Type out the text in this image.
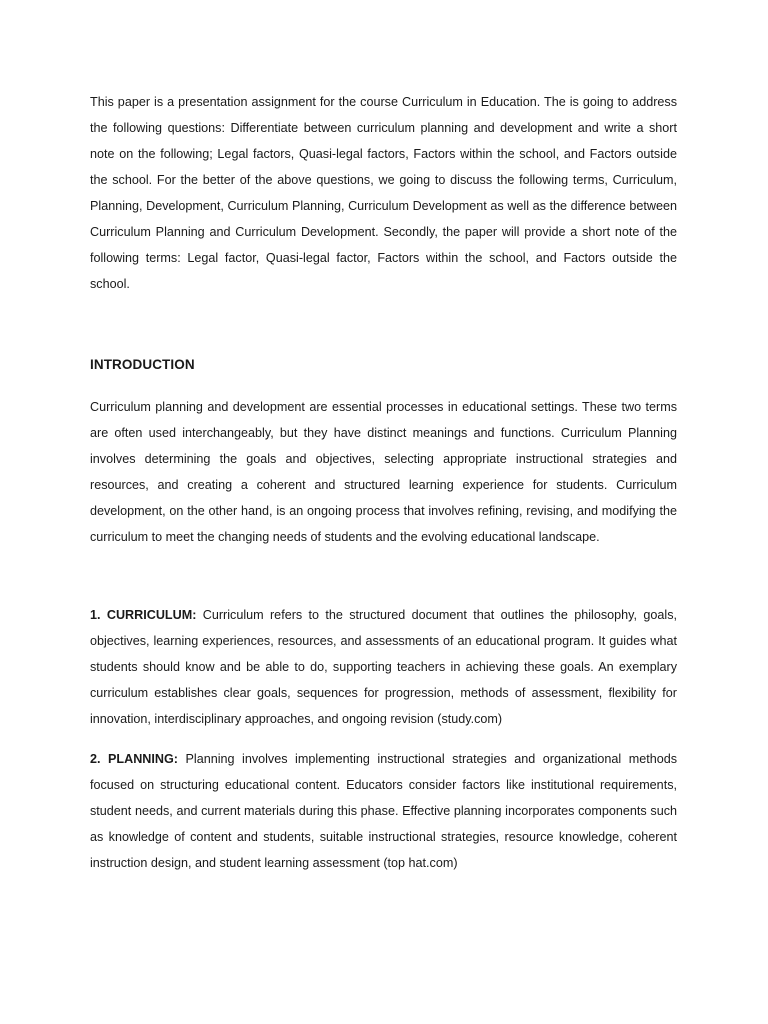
This paper is a presentation assignment for the course Curriculum in Education. The is going to address the following questions: Differentiate between curriculum planning and development and write a short note on the following; Legal factors, Quasi-legal factors, Factors within the school, and Factors outside the school. For the better of the above questions, we going to discuss the following terms, Curriculum, Planning, Development, Curriculum Planning, Curriculum Development as well as the difference between Curriculum Planning and Curriculum Development. Secondly, the paper will provide a short note of the following terms: Legal factor, Quasi-legal factor, Factors within the school, and Factors outside the school.

INTRODUCTION

Curriculum planning and development are essential processes in educational settings. These two terms are often used interchangeably, but they have distinct meanings and functions. Curriculum Planning involves determining the goals and objectives, selecting appropriate instructional strategies and resources, and creating a coherent and structured learning experience for students. Curriculum development, on the other hand, is an ongoing process that involves refining, revising, and modifying the curriculum to meet the changing needs of students and the evolving educational landscape.

1. CURRICULUM: Curriculum refers to the structured document that outlines the philosophy, goals, objectives, learning experiences, resources, and assessments of an educational program. It guides what students should know and be able to do, supporting teachers in achieving these goals. An exemplary curriculum establishes clear goals, sequences for progression, methods of assessment, flexibility for innovation, interdisciplinary approaches, and ongoing revision (study.com)

2. PLANNING: Planning involves implementing instructional strategies and organizational methods focused on structuring educational content. Educators consider factors like institutional requirements, student needs, and current materials during this phase. Effective planning incorporates components such as knowledge of content and students, suitable instructional strategies, resource knowledge, coherent instruction design, and student learning assessment (top hat.com)
